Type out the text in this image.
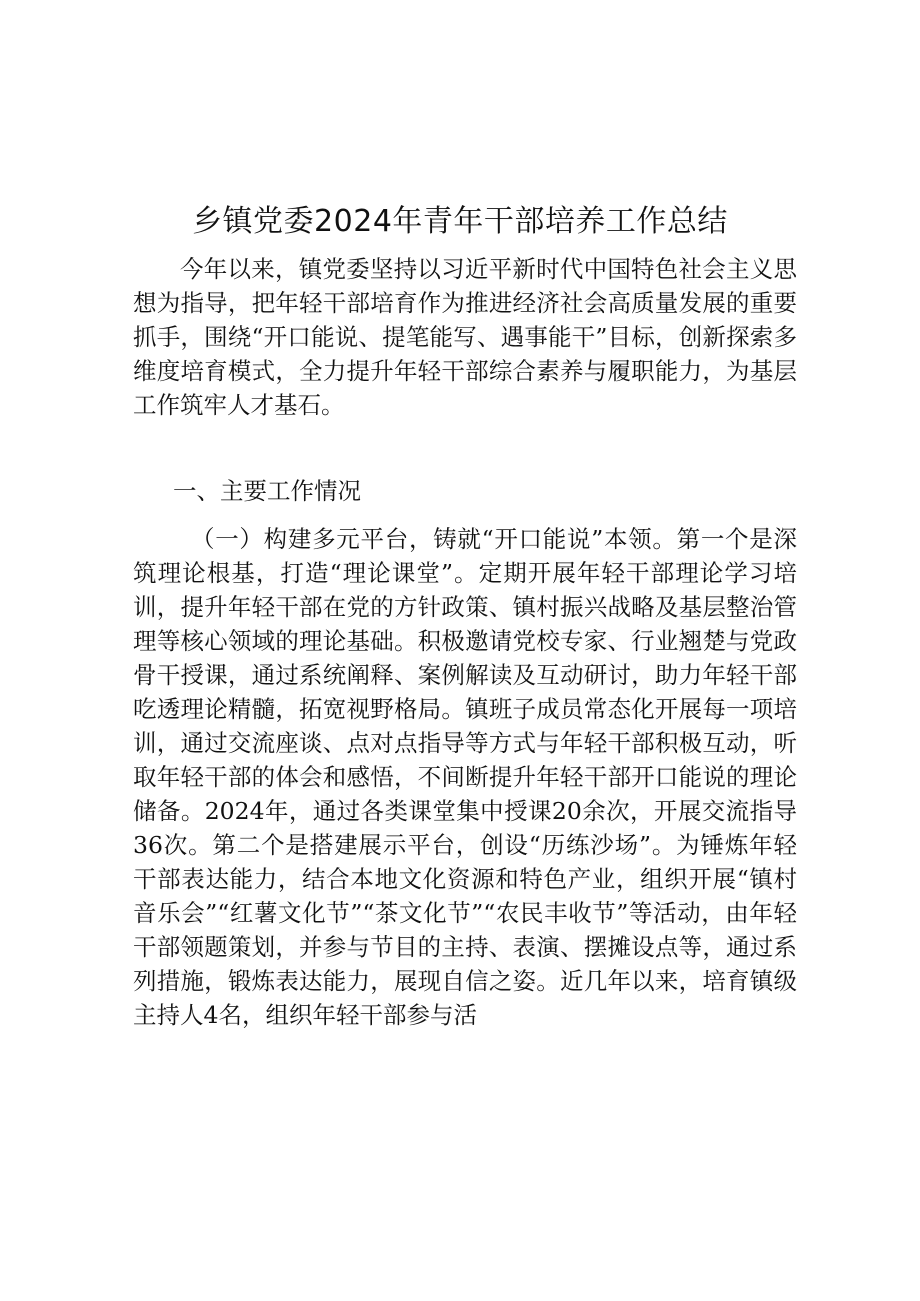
乡镇党委2024年青年干部培养工作总结

今年以来，镇党委坚持以习近平新时代中国特色社会主义思想为指导，把年轻干部培育作为推进经济社会高质量发展的重要抓手，围绕“开口能说、提笔能写、遇事能干”目标，创新探索多维度培育模式，全力提升年轻干部综合素养与履职能力，为基层工作筑牢人才基石。

一、主要工作情况

（一）构建多元平台，铸就“开口能说”本领。第一个是深筑理论根基，打造“理论课堂”。定期开展年轻干部理论学习培训，提升年轻干部在党的方针政策、镇村振兴战略及基层整治管理等核心领域的理论基础。积极邀请党校专家、行业翘楚与党政骨干授课，通过系统阐释、案例解读及互动研讨，助力年轻干部吃透理论精髓，拓宽视野格局。镇班子成员常态化开展每一项培训，通过交流座谈、点对点指导等方式与年轻干部积极互动，听取年轻干部的体会和感悟，不间断提升年轻干部开口能说的理论储备。2024年，通过各类课堂集中授课20余次，开展交流指导36次。第二个是搭建展示平台，创设“历练沙场”。为锤炼年轻干部表达能力，结合本地文化资源和特色产业，组织开展“镇村音乐会”“红薯文化节”“茶文化节”“农民丰收节”等活动，由年轻干部领题策划，并参与节目的主持、表演、摆摊设点等，通过系列措施，锻炼表达能力，展现自信之姿。近几年以来，培育镇级主持人4名，组织年轻干部参与活
